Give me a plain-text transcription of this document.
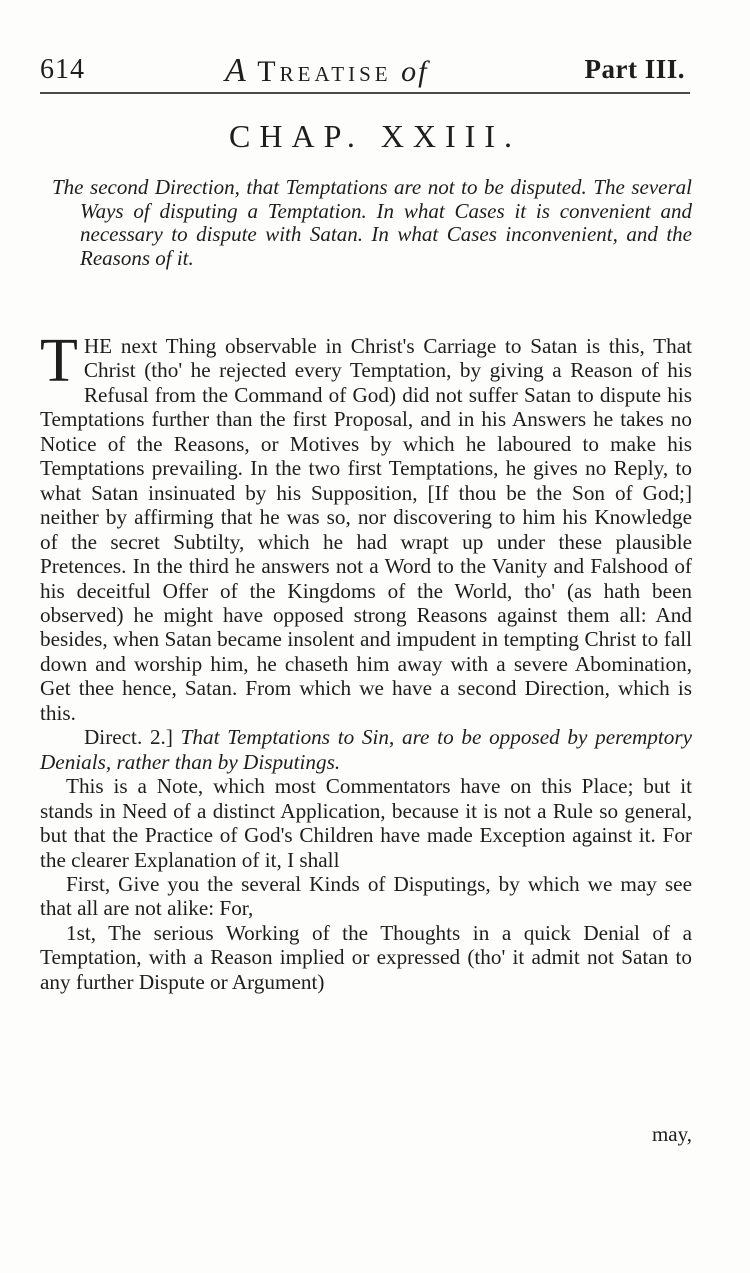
614	A Treatise of	Part III.
CHAP. XXIII.

The second Direction, that Temptations are not to be disputed. The several Ways of disputing a Temptation. In what Cases it is convenient and necessary to dispute with Satan. In what Cases inconvenient, and the Reasons of it.

THE next Thing observable in Christ's Carriage to Satan is this, That Christ (tho' he rejected every Temptation, by giving a Reason of his Refusal from the Command of God) did not suffer Satan to dispute his Temptations further than the first Proposal, and in his Answers he takes no Notice of the Reasons, or Motives by which he laboured to make his Temptations prevailing. In the two first Temptations, he gives no Reply, to what Satan insinuated by his Supposition, [If thou be the Son of God;] neither by affirming that he was so, nor discovering to him his Knowledge of the secret Subtilty, which he had wrapt up under these plausible Pretences. In the third he answers not a Word to the Vanity and Falshood of his deceitful Offer of the Kingdoms of the World, tho' (as hath been observed) he might have opposed strong Reasons against them all: And besides, when Satan became insolent and impudent in tempting Christ to fall down and worship him, he chaseth him away with a severe Abomination, Get thee hence, Satan. From which we have a second Direction, which is this.

Direct. 2.] That Temptations to Sin, are to be opposed by peremptory Denials, rather than by Disputings.

This is a Note, which most Commentators have on this Place; but it stands in Need of a distinct Application, because it is not a Rule so general, but that the Practice of God's Children have made Exception against it. For the clearer Explanation of it, I shall

First, Give you the several Kinds of Disputings, by which we may see that all are not alike: For,

1st, The serious Working of the Thoughts in a quick Denial of a Temptation, with a Reason implied or expressed (tho' it admit not Satan to any further Dispute or Argument)

may,
